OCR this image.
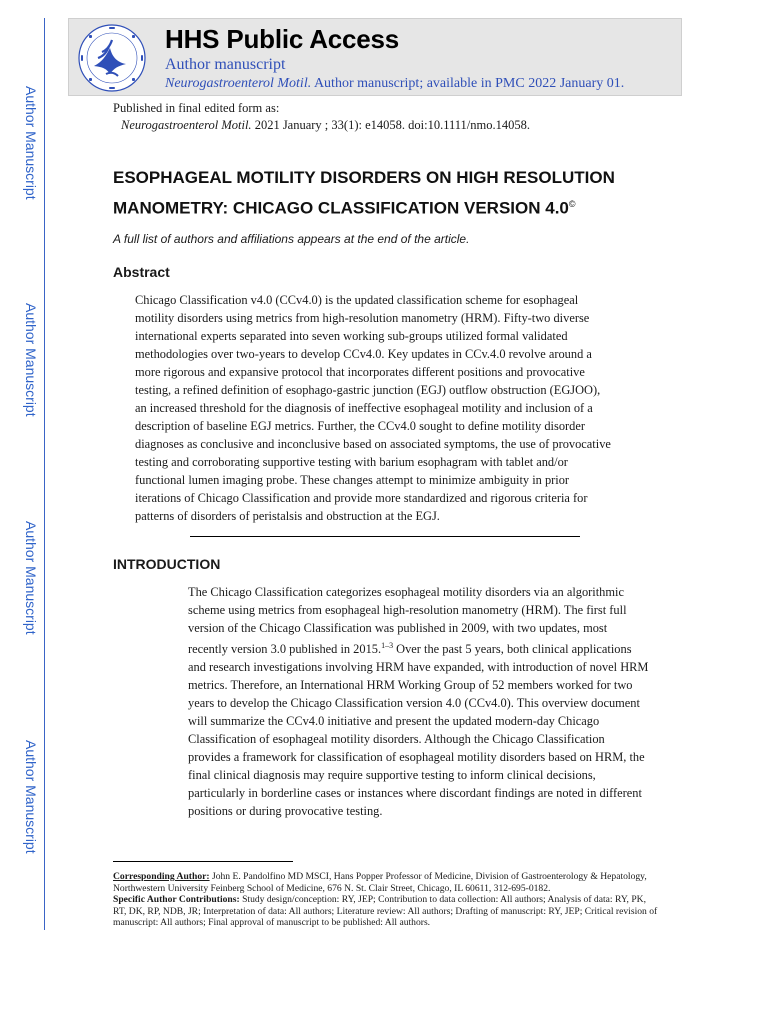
Author Manuscript
Author Manuscript
Author Manuscript
Author Manuscript
HHS Public Access
Author manuscript
Neurogastroenterol Motil. Author manuscript; available in PMC 2022 January 01.
Published in final edited form as:
Neurogastroenterol Motil. 2021 January ; 33(1): e14058. doi:10.1111/nmo.14058.
ESOPHAGEAL MOTILITY DISORDERS ON HIGH RESOLUTION MANOMETRY: CHICAGO CLASSIFICATION VERSION 4.0©
A full list of authors and affiliations appears at the end of the article.
Abstract
Chicago Classification v4.0 (CCv4.0) is the updated classification scheme for esophageal motility disorders using metrics from high-resolution manometry (HRM). Fifty-two diverse international experts separated into seven working sub-groups utilized formal validated methodologies over two-years to develop CCv4.0. Key updates in CCv.4.0 revolve around a more rigorous and expansive protocol that incorporates different positions and provocative testing, a refined definition of esophago-gastric junction (EGJ) outflow obstruction (EGJOO), an increased threshold for the diagnosis of ineffective esophageal motility and inclusion of a description of baseline EGJ metrics. Further, the CCv4.0 sought to define motility disorder diagnoses as conclusive and inconclusive based on associated symptoms, the use of provocative testing and corroborating supportive testing with barium esophagram with tablet and/or functional lumen imaging probe. These changes attempt to minimize ambiguity in prior iterations of Chicago Classification and provide more standardized and rigorous criteria for patterns of disorders of peristalsis and obstruction at the EGJ.
INTRODUCTION
The Chicago Classification categorizes esophageal motility disorders via an algorithmic scheme using metrics from esophageal high-resolution manometry (HRM). The first full version of the Chicago Classification was published in 2009, with two updates, most recently version 3.0 published in 2015.$^{1-3}$ Over the past 5 years, both clinical applications and research investigations involving HRM have expanded, with introduction of novel HRM metrics. Therefore, an International HRM Working Group of 52 members worked for two years to develop the Chicago Classification version 4.0 (CCv4.0). This overview document will summarize the CCv4.0 initiative and present the updated modern-day Chicago Classification of esophageal motility disorders. Although the Chicago Classification provides a framework for classification of esophageal motility disorders based on HRM, the final clinical diagnosis may require supportive testing to inform clinical decisions, particularly in borderline cases or instances where discordant findings are noted in different positions or during provocative testing.
Corresponding Author: John E. Pandolfino MD MSCI, Hans Popper Professor of Medicine, Division of Gastroenterology & Hepatology, Northwestern University Feinberg School of Medicine, 676 N. St. Clair Street, Chicago, IL 60611, 312-695-0182.
Specific Author Contributions: Study design/conception: RY, JEP; Contribution to data collection: All authors; Analysis of data: RY, PK, RT, DK, RP, NDB, JR; Interpretation of data: All authors; Literature review: All authors; Drafting of manuscript: RY, JEP; Critical revision of manuscript: All authors; Final approval of manuscript to be published: All authors.
